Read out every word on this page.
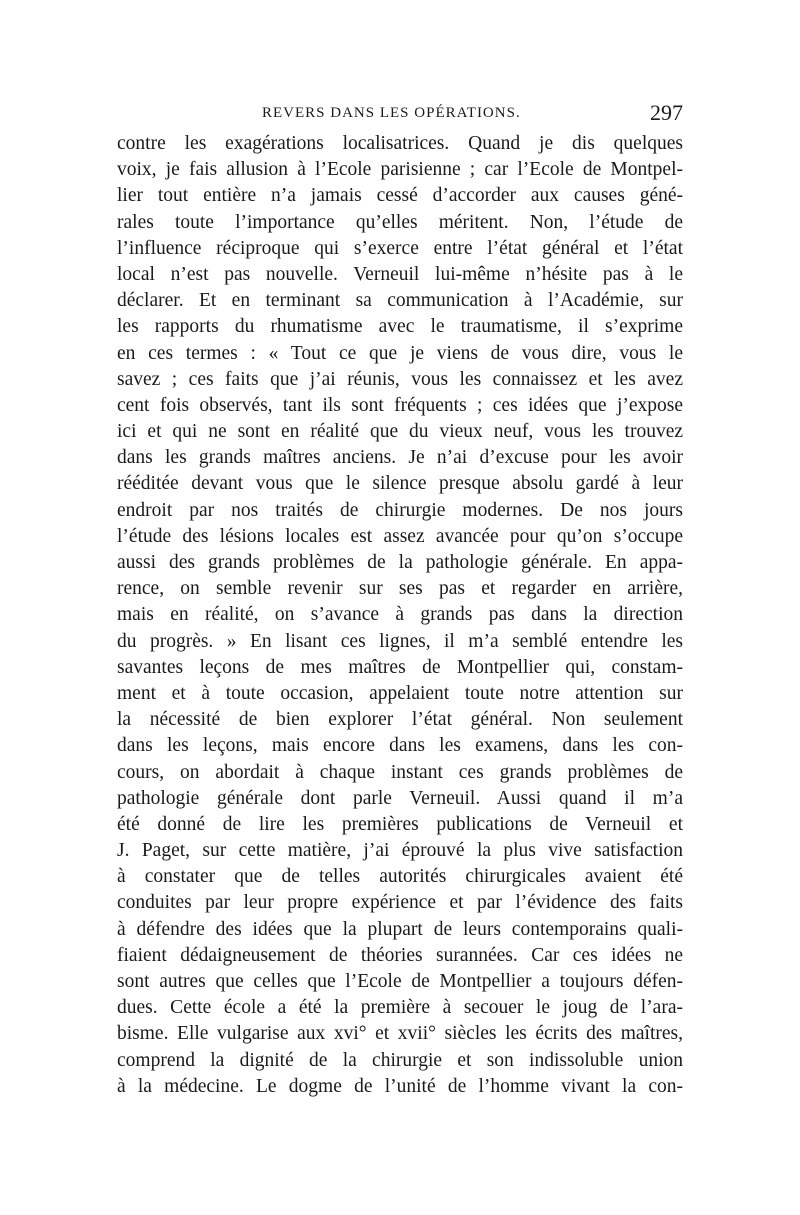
REVERS DANS LES OPÉRATIONS.	297
contre les exagérations localisatrices. Quand je dis quelques
voix, je fais allusion à l’Ecole parisienne ; car l’Ecole de Montpel-
lier tout entière n’a jamais cessé d’accorder aux causes géné-
rales toute l’importance qu’elles méritent. Non, l’étude de
l’influence réciproque qui s’exerce entre l’état général et l’état
local n’est pas nouvelle. Verneuil lui-même n’hésite pas à le
déclarer. Et en terminant sa communication à l’Académie, sur
les rapports du rhumatisme avec le traumatisme, il s’exprime
en ces termes : « Tout ce que je viens de vous dire, vous le
savez ; ces faits que j’ai réunis, vous les connaissez et les avez
cent fois observés, tant ils sont fréquents ; ces idées que j’expose
ici et qui ne sont en réalité que du vieux neuf, vous les trouvez
dans les grands maîtres anciens. Je n’ai d’excuse pour les avoir
rééditée devant vous que le silence presque absolu gardé à leur
endroit par nos traités de chirurgie modernes. De nos jours
l’étude des lésions locales est assez avancée pour qu’on s’occupe
aussi des grands problèmes de la pathologie générale. En appa-
rence, on semble revenir sur ses pas et regarder en arrière,
mais en réalité, on s’avance à grands pas dans la direction
du progrès. » En lisant ces lignes, il m’a semblé entendre les
savantes leçons de mes maîtres de Montpellier qui, constam-
ment et à toute occasion, appelaient toute notre attention sur
la nécessité de bien explorer l’état général. Non seulement
dans les leçons, mais encore dans les examens, dans les con-
cours, on abordait à chaque instant ces grands problèmes de
pathologie générale dont parle Verneuil. Aussi quand il m’a
été donné de lire les premières publications de Verneuil et
J. Paget, sur cette matière, j’ai éprouvé la plus vive satisfaction
à constater que de telles autorités chirurgicales avaient été
conduites par leur propre expérience et par l’évidence des faits
à défendre des idées que la plupart de leurs contemporains quali-
fiaient dédaigneusement de théories surannées. Car ces idées ne
sont autres que celles que l’Ecole de Montpellier a toujours défen-
dues. Cette école a été la première à secouer le joug de l’ara-
bisme. Elle vulgarise aux xvi° et xvii° siècles les écrits des maîtres,
comprend la dignité de la chirurgie et son indissoluble union
à la médecine. Le dogme de l’unité de l’homme vivant la con-
